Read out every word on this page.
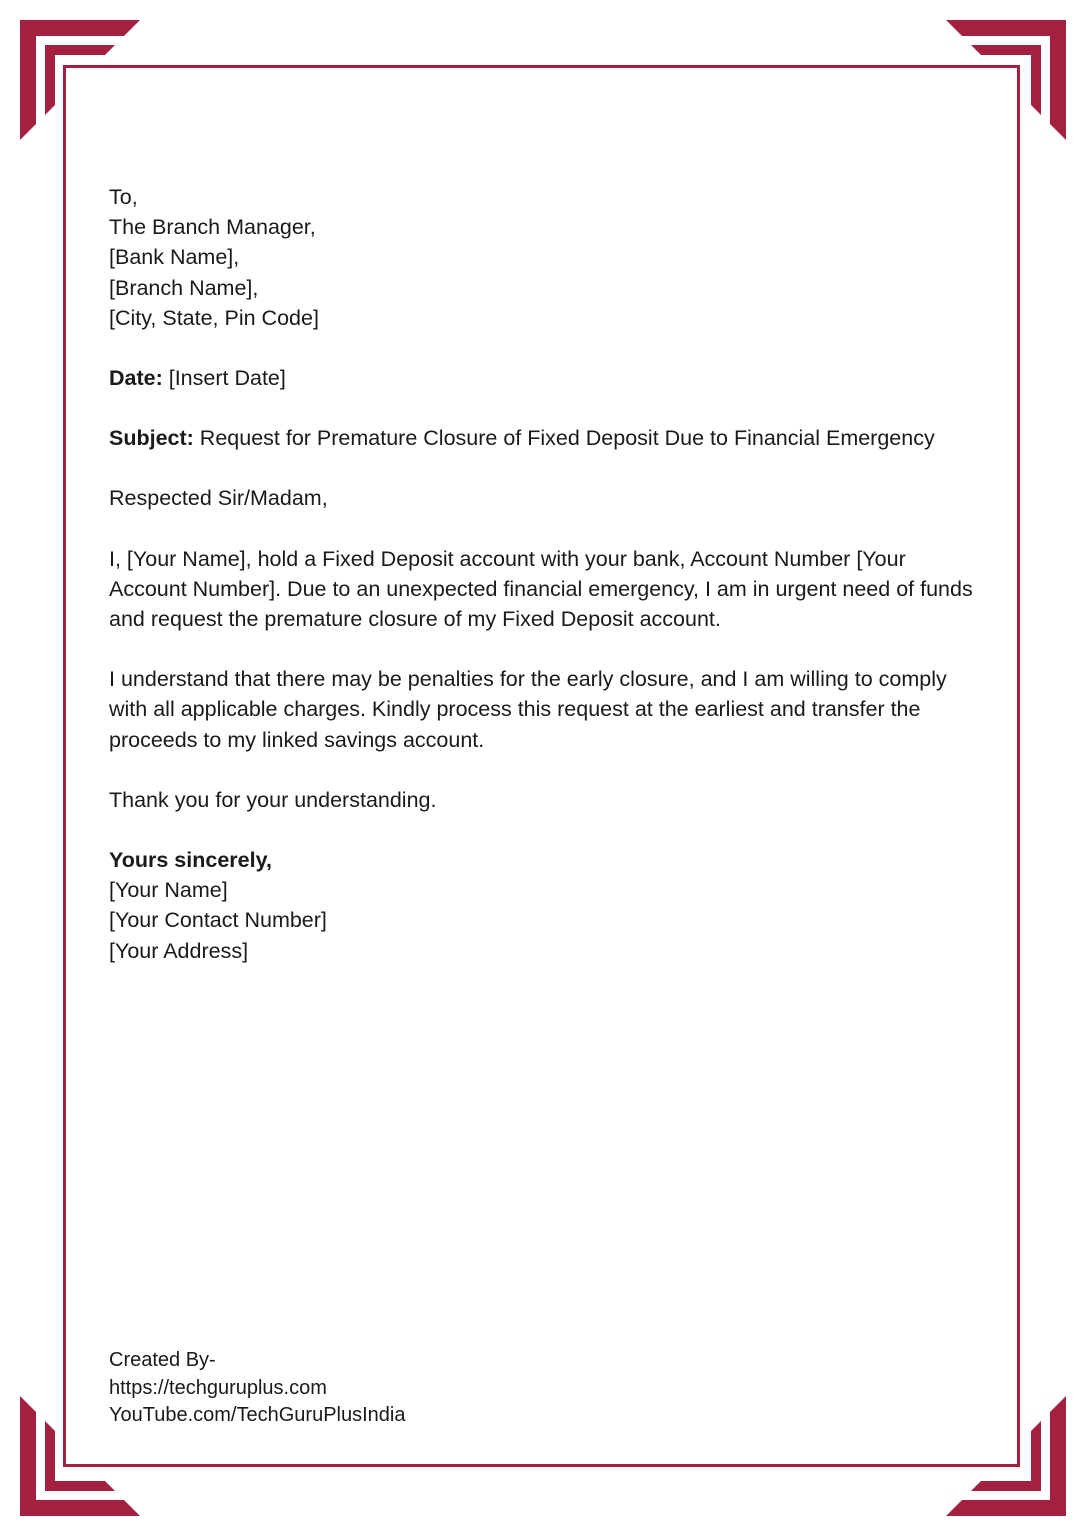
To,
The Branch Manager,
[Bank Name],
[Branch Name],
[City, State, Pin Code]
Date: [Insert Date]
Subject: Request for Premature Closure of Fixed Deposit Due to Financial Emergency
Respected Sir/Madam,

I, [Your Name], hold a Fixed Deposit account with your bank, Account Number [Your Account Number]. Due to an unexpected financial emergency, I am in urgent need of funds and request the premature closure of my Fixed Deposit account.

I understand that there may be penalties for the early closure, and I am willing to comply with all applicable charges. Kindly process this request at the earliest and transfer the proceeds to my linked savings account.

Thank you for your understanding.

Yours sincerely,
[Your Name]
[Your Contact Number]
[Your Address]
Created By-
https://techguruplus.com
YouTube.com/TechGuruPlusIndia
